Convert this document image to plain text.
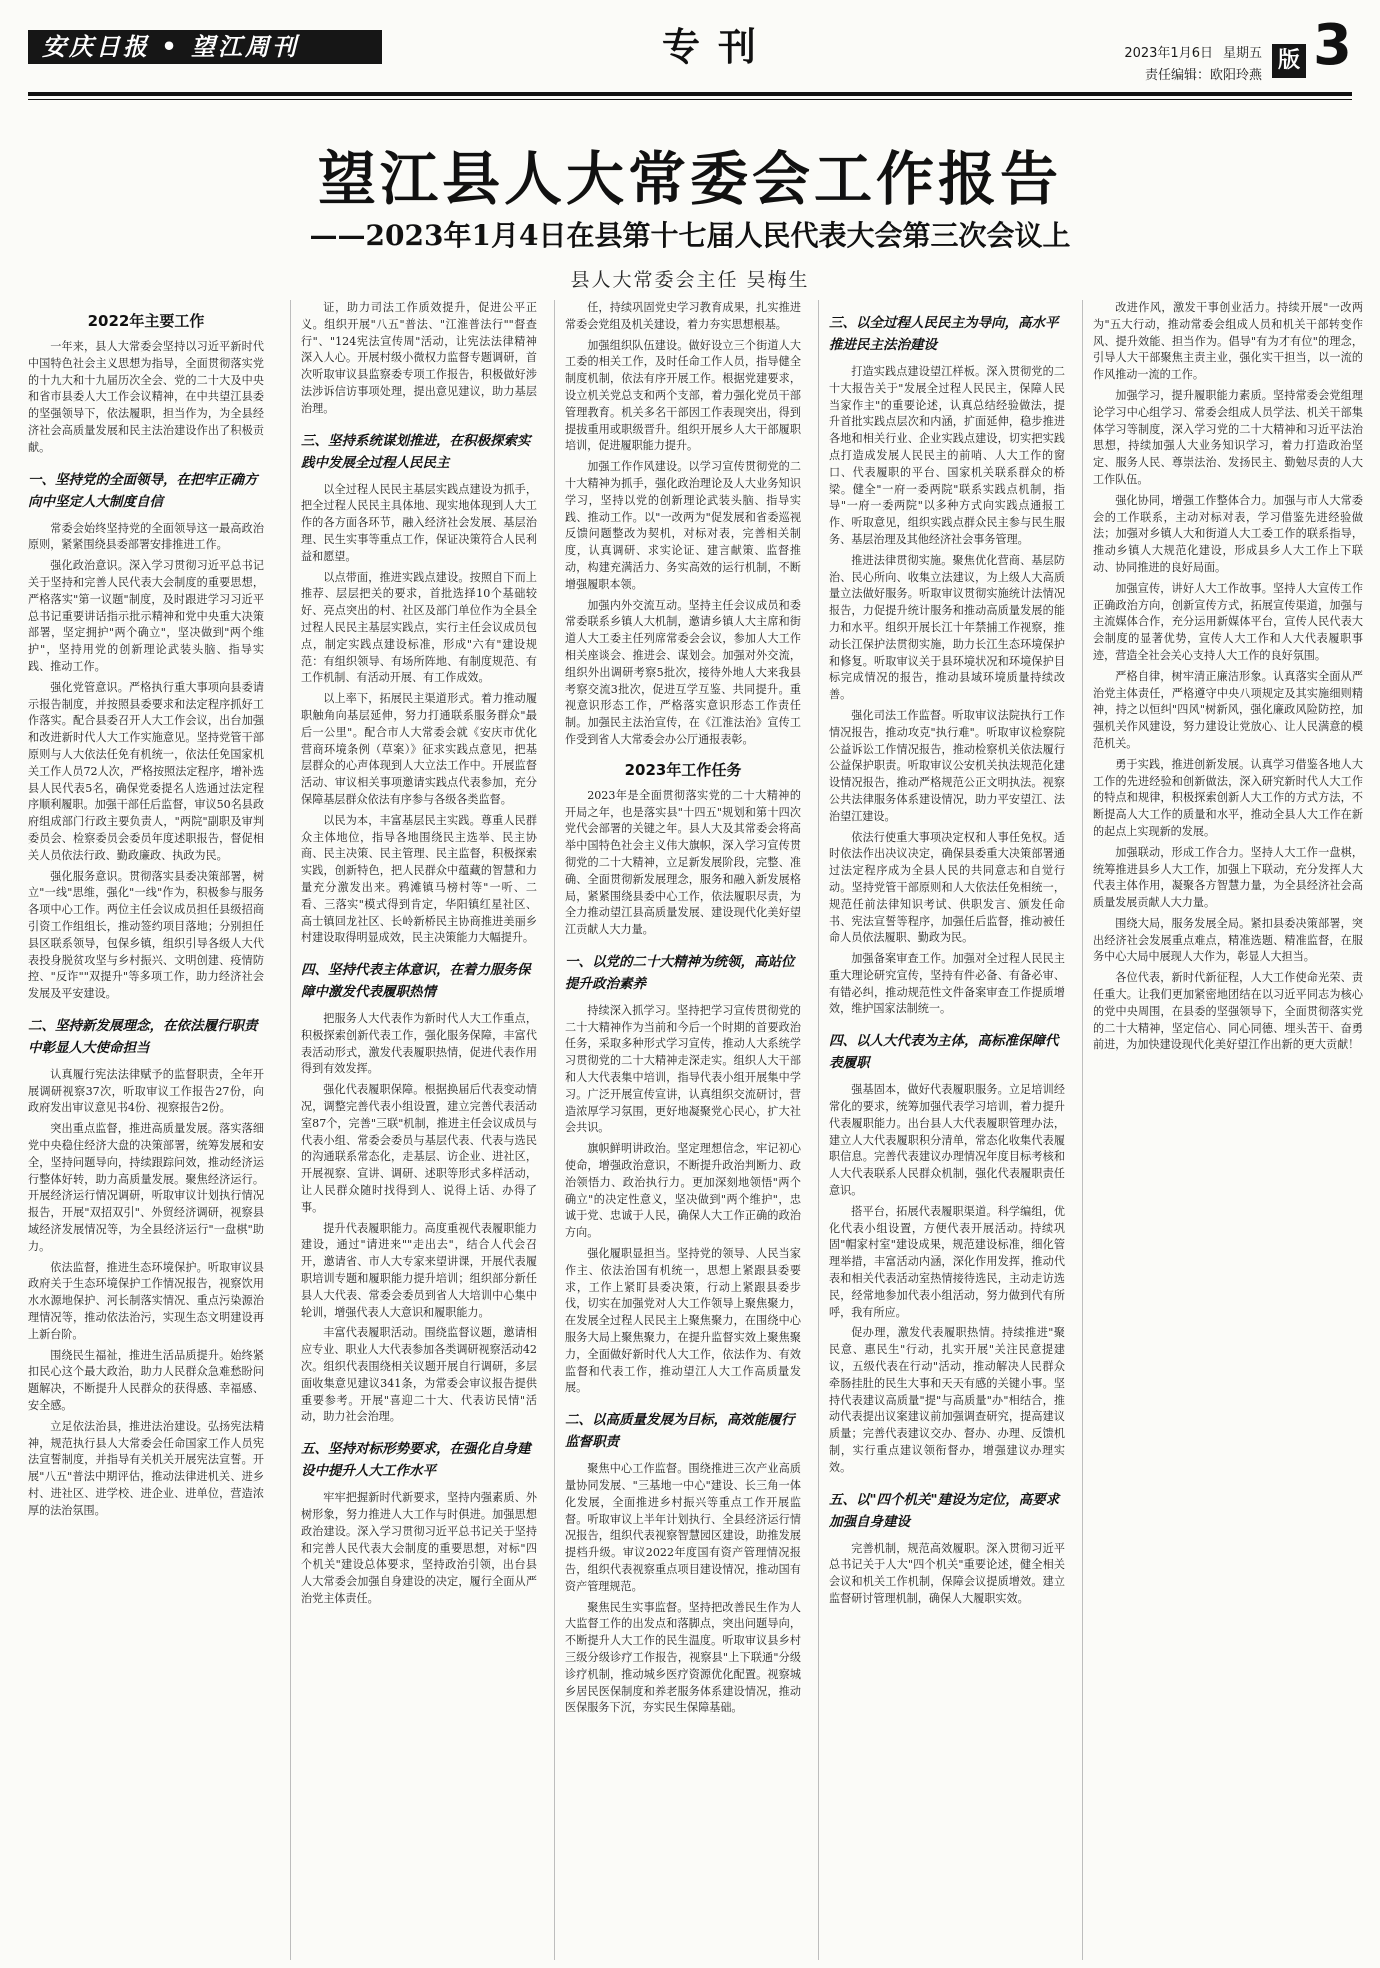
安庆日报 • 望江周刊	专刊	2023年1月6日 星期五
责任编辑：欧阳玲燕
版 3
望江县人大常委会工作报告
——2023年1月4日在县第十七届人民代表大会第三次会议上
县人大常委会主任 吴梅生
2022年主要工作

一年来，县人大常委会坚持以习近平新时代中国特色社会主义思想为指导，全面贯彻落实党的十九大和十九届历次全会、党的二十大及中央和省市县委人大工作会议精神，在中共望江县委的坚强领导下，依法履职，担当作为，为全县经济社会高质量发展和民主法治建设作出了积极贡献。

一、坚持党的全面领导，在把牢正确方向中坚定人大制度自信

常委会始终坚持党的全面领导这一最高政治原则，紧紧围绕县委部署安排推进工作。

强化政治意识。深入学习贯彻习近平总书记关于坚持和完善人民代表大会制度的重要思想，严格落实"第一议题"制度，及时跟进学习习近平总书记重要讲话指示批示精神和党中央重大决策部署，坚定拥护"两个确立"，坚决做到"两个维护"，坚持用党的创新理论武装头脑、指导实践、推动工作。

强化党管意识。严格执行重大事项向县委请示报告制度，并按照县委要求和法定程序抓好工作落实。配合县委召开人大工作会议，出台加强和改进新时代人大工作实施意见。坚持党管干部原则与人大依法任免有机统一，依法任免国家机关工作人员72人次，严格按照法定程序，增补选县人民代表5名，确保党委提名人选通过法定程序顺利履职。加强干部任后监督，审议50名县政府组成部门行政主要负责人，"两院"副职及审判委员会、检察委员会委员年度述职报告，督促相关人员依法行政、勤政廉政、执政为民。

强化服务意识。贯彻落实县委决策部署，树立"一线"思维，强化"一线"作为，积极参与服务各项中心工作。两位主任会议成员担任县级招商引资工作组组长，推动签约项目落地；分别担任县区联系领导，包保乡镇，组织引导各级人大代表投身脱贫攻坚与乡村振兴、文明创建、疫情防控、"反诈""双提升"等多项工作，助力经济社会发展及平安建设。

二、坚持新发展理念，在依法履行职责中彰显人大使命担当

认真履行宪法法律赋予的监督职责，全年开展调研视察37次，听取审议工作报告27份，向政府发出审议意见书4份、视察报告2份。

突出重点监督，推进高质量发展。落实落细党中央稳住经济大盘的决策部署，统筹发展和安全，坚持问题导向，持续跟踪问效，推动经济运行整体好转，助力高质量发展。聚焦经济运行。开展经济运行情况调研，听取审议计划执行情况报告，开展"双招双引"、外贸经济调研，视察县域经济发展情况等，为全县经济运行"一盘棋"助力。

依法监督，推进生态环境保护。听取审议县政府关于生态环境保护工作情况报告，视察饮用水水源地保护、河长制落实情况、重点污染源治理情况等，推动依法治污，实现生态文明建设再上新台阶。

围绕民生福祉，推进生活品质提升。始终紧扣民心这个最大政治，助力人民群众急难愁盼问题解决，不断提升人民群众的获得感、幸福感、安全感。

立足依法治县，推进法治建设。弘扬宪法精神，规范执行县人大常委会任命国家工作人员宪法宣誓制度，并指导有关机关开展宪法宣誓。开展"八五"普法中期评估，推动法律进机关、进乡村、进社区、进学校、进企业、进单位，营造浓厚的法治氛围。

证，助力司法工作质效提升，促进公平正义。组织开展"八五"普法、"江淮普法行""督查行"、"124宪法宣传周"活动，让宪法法律精神深入人心。开展村级小微权力监督专题调研，首次听取审议县监察委专项工作报告，积极做好涉法涉诉信访事项处理，提出意见建议，助力基层治理。

三、坚持系统谋划推进，在积极探索实践中发展全过程人民民主

以全过程人民民主基层实践点建设为抓手，把全过程人民民主具体地、现实地体现到人大工作的各方面各环节，融入经济社会发展、基层治理、民生实事等重点工作，保证决策符合人民利益和愿望。

以点带面，推进实践点建设。按照自下而上推荐、层层把关的要求，首批选择10个基础较好、亮点突出的村、社区及部门单位作为全县全过程人民民主基层实践点，实行主任会议成员包点，制定实践点建设标准，形成"六有"建设规范：有组织领导、有场所阵地、有制度规范、有工作机制、有活动开展、有工作成效。

以上率下，拓展民主渠道形式。着力推动履职触角向基层延伸，努力打通联系服务群众"最后一公里"。配合市人大常委会就《安庆市优化营商环境条例（草案）》征求实践点意见，把基层群众的心声体现到人大立法工作中。开展监督活动、审议相关事项邀请实践点代表参加，充分保障基层群众依法有序参与各级各类监督。

以民为本，丰富基层民主实践。尊重人民群众主体地位，指导各地围绕民主选举、民主协商、民主决策、民主管理、民主监督，积极探索实践，创新特色，把人民群众中蕴藏的智慧和力量充分激发出来。鸦滩镇马榜村等"一听、二看、三落实"模式得到肯定，华阳镇红星社区、高士镇回龙社区、长岭新桥民主协商推进美丽乡村建设取得明显成效，民主决策能力大幅提升。

四、坚持代表主体意识，在着力服务保障中激发代表履职热情

把服务人大代表作为新时代人大工作重点，积极探索创新代表工作，强化服务保障，丰富代表活动形式，激发代表履职热情，促进代表作用得到有效发挥。

强化代表履职保障。根据换届后代表变动情况，调整完善代表小组设置，建立完善代表活动室87个，完善"三联"机制，推进主任会议成员与代表小组、常委会委员与基层代表、代表与选民的沟通联系常态化，走基层、访企业、进社区，开展视察、宣讲、调研、述职等形式多样活动，让人民群众随时找得到人、说得上话、办得了事。

提升代表履职能力。高度重视代表履职能力建设，通过"请进来""走出去"，结合人代会召开，邀请省、市人大专家来望讲课，开展代表履职培训专题和履职能力提升培训；组织部分新任县人大代表、常委会委员到省人大培训中心集中轮训，增强代表人大意识和履职能力。

丰富代表履职活动。围绕监督议题，邀请相应专业、职业人大代表参加各类调研视察活动42次。组织代表围绕相关议题开展自行调研，多层面收集意见建议341条，为常委会审议报告提供重要参考。开展"喜迎二十大、代表访民情"活动，助力社会治理。

五、坚持对标形势要求，在强化自身建设中提升人大工作水平

牢牢把握新时代新要求，坚持内强素质、外树形象，努力推进人大工作与时俱进。加强思想政治建设。深入学习贯彻习近平总书记关于坚持和完善人民代表大会制度的重要思想，对标"四个机关"建设总体要求，坚持政治引领，出台县人大常委会加强自身建设的决定，履行全面从严治党主体责任。

任，持续巩固党史学习教育成果，扎实推进常委会党组及机关建设，着力夯实思想根基。

加强组织队伍建设。做好设立三个街道人大工委的相关工作，及时任命工作人员，指导健全制度机制，依法有序开展工作。根据党建要求，设立机关党总支和两个支部，着力强化党员干部管理教育。机关多名干部因工作表现突出，得到提拔重用或职级晋升。组织开展乡人大干部履职培训，促进履职能力提升。

加强工作作风建设。以学习宣传贯彻党的二十大精神为抓手，强化政治理论及人大业务知识学习，坚持以党的创新理论武装头脑、指导实践、推动工作。以"一改两为"促发展和省委巡视反馈问题整改为契机，对标对表，完善相关制度，认真调研、求实论证、建言献策、监督推动，构建充满活力、务实高效的运行机制，不断增强履职本领。

加强内外交流互动。坚持主任会议成员和委常委联系乡镇人大机制，邀请乡镇人大主席和街道人大工委主任列席常委会会议，参加人大工作相关座谈会、推进会、谋划会。加强对外交流，组织外出调研考察5批次，接待外地人大来我县考察交流3批次，促进互学互鉴、共同提升。重视意识形态工作，严格落实意识形态工作责任制。加强民主法治宣传，在《江淮法治》宣传工作受到省人大常委会办公厅通报表彰。

2023年工作任务

2023年是全面贯彻落实党的二十大精神的开局之年，也是落实县"十四五"规划和第十四次党代会部署的关键之年。县人大及其常委会将高举中国特色社会主义伟大旗帜，深入学习宣传贯彻党的二十大精神，立足新发展阶段，完整、准确、全面贯彻新发展理念，服务和融入新发展格局，紧紧围绕县委中心工作，依法履职尽责，为全力推动望江县高质量发展、建设现代化美好望江贡献人大力量。

一、以党的二十大精神为统领，高站位提升政治素养

持续深入抓学习。坚持把学习宣传贯彻党的二十大精神作为当前和今后一个时期的首要政治任务，采取多种形式学习宣传，推动人大系统学习贯彻党的二十大精神走深走实。组织人大干部和人大代表集中培训，指导代表小组开展集中学习。广泛开展宣传宣讲，认真组织交流研讨，营造浓厚学习氛围，更好地凝聚党心民心，扩大社会共识。

旗帜鲜明讲政治。坚定理想信念，牢记初心使命，增强政治意识，不断提升政治判断力、政治领悟力、政治执行力。更加深刻地领悟"两个确立"的决定性意义，坚决做到"两个维护"，忠诚于党、忠诚于人民，确保人大工作正确的政治方向。

强化履职显担当。坚持党的领导、人民当家作主、依法治国有机统一，思想上紧跟县委要求，工作上紧盯县委决策，行动上紧跟县委步伐，切实在加强党对人大工作领导上聚焦聚力，在发展全过程人民民主上聚焦聚力，在围绕中心服务大局上聚焦聚力，在提升监督实效上聚焦聚力，全面做好新时代人大工作，依法作为、有效监督和代表工作，推动望江人大工作高质量发展。

二、以高质量发展为目标，高效能履行监督职责

聚焦中心工作监督。围绕推进三次产业高质量协同发展、"三基地一中心"建设、长三角一体化发展，全面推进乡村振兴等重点工作开展监督。听取审议上半年计划执行、全县经济运行情况报告，组织代表视察智慧园区建设，助推发展提档升级。审议2022年度国有资产管理情况报告，组织代表视察重点项目建设情况，推动国有资产管理规范。

聚焦民生实事监督。坚持把改善民生作为人大监督工作的出发点和落脚点，突出问题导向，不断提升人大工作的民生温度。听取审议县乡村三级分级诊疗工作报告，视察县"上下联通"分级诊疗机制，推动城乡医疗资源优化配置。视察城乡居民医保制度和养老服务体系建设情况，推动医保服务下沉，夯实民生保障基础。

三、以全过程人民民主为导向，高水平推进民主法治建设

打造实践点建设望江样板。深入贯彻党的二十大报告关于"发展全过程人民民主，保障人民当家作主"的重要论述，认真总结经验做法，提升首批实践点层次和内涵，扩面延伸，稳步推进各地和相关行业、企业实践点建设，切实把实践点打造成发展人民民主的前哨、人大工作的窗口、代表履职的平台、国家机关联系群众的桥梁。健全"一府一委两院"联系实践点机制，指导"一府一委两院"以多种方式向实践点通报工作、听取意见，组织实践点群众民主参与民生服务、基层治理及其他经济社会事务管理。

推进法律贯彻实施。聚焦优化营商、基层防治、民心所向、收集立法建议，为上级人大高质量立法做好服务。听取审议贯彻实施统计法情况报告，力促提升统计服务和推动高质量发展的能力和水平。组织开展长江十年禁捕工作视察，推动长江保护法贯彻实施，助力长江生态环境保护和修复。听取审议关于县环境状况和环境保护目标完成情况的报告，推动县域环境质量持续改善。

强化司法工作监督。听取审议法院执行工作情况报告，推动攻克"执行难"。听取审议检察院公益诉讼工作情况报告，推动检察机关依法履行公益保护职责。听取审议公安机关执法规范化建设情况报告，推动严格规范公正文明执法。视察公共法律服务体系建设情况，助力平安望江、法治望江建设。

依法行使重大事项决定权和人事任免权。适时依法作出决议决定，确保县委重大决策部署通过法定程序成为全县人民的共同意志和自觉行动。坚持党管干部原则和人大依法任免相统一，规范任前法律知识考试、供职发言、颁发任命书、宪法宣誓等程序，加强任后监督，推动被任命人员依法履职、勤政为民。

加强备案审查工作。加强对全过程人民民主重大理论研究宣传，坚持有件必备、有备必审、有错必纠，推动规范性文件备案审查工作提质增效，维护国家法制统一。

四、以人大代表为主体，高标准保障代表履职

强基固本，做好代表履职服务。立足培训经常化的要求，统筹加强代表学习培训，着力提升代表履职能力。出台县人大代表履职管理办法，建立人大代表履职积分清单，常态化收集代表履职信息。完善代表建议办理情况年度目标考核和人大代表联系人民群众机制，强化代表履职责任意识。

搭平台，拓展代表履职渠道。科学编组，优化代表小组设置，方便代表开展活动。持续巩固"帽家村室"建设成果，规范建设标准，细化管理举措，丰富活动内涵，深化作用发挥，推动代表和相关代表活动室热情接待选民，主动走访选民，经常地参加代表小组活动，努力做到代有所呼，我有所应。

促办理，激发代表履职热情。持续推进"聚民意、惠民生"行动，扎实开展"关注民意提建议，五级代表在行动"活动，推动解决人民群众牵肠挂肚的民生大事和天天有感的关键小事。坚持代表建议高质量"提"与高质量"办"相结合，推动代表提出议案建议前加强调查研究，提高建议质量；完善代表建议交办、督办、办理、反馈机制，实行重点建议领衔督办，增强建议办理实效。

五、以"四个机关"建设为定位，高要求加强自身建设

完善机制，规范高效履职。深入贯彻习近平总书记关于人大"四个机关"重要论述，健全相关会议和机关工作机制，保障会议提质增效。建立监督研讨管理机制，确保人大履职实效。

改进作风，激发干事创业活力。持续开展"一改两为"五大行动，推动常委会组成人员和机关干部转变作风、提升效能、担当作为。倡导"有为才有位"的理念，引导人大干部聚焦主责主业，强化实干担当，以一流的作风推动一流的工作。

加强学习，提升履职能力素质。坚持常委会党组理论学习中心组学习、常委会组成人员学法、机关干部集体学习等制度，深入学习党的二十大精神和习近平法治思想，持续加强人大业务知识学习，着力打造政治坚定、服务人民、尊崇法治、发扬民主、勤勉尽责的人大工作队伍。

强化协同，增强工作整体合力。加强与市人大常委会的工作联系，主动对标对表，学习借鉴先进经验做法；加强对乡镇人大和街道人大工委工作的联系指导，推动乡镇人大规范化建设，形成县乡人大工作上下联动、协同推进的良好局面。

加强宣传，讲好人大工作故事。坚持人大宣传工作正确政治方向，创新宣传方式，拓展宣传渠道，加强与主流媒体合作，充分运用新媒体平台，宣传人民代表大会制度的显著优势，宣传人大工作和人大代表履职事迹，营造全社会关心支持人大工作的良好氛围。

严格自律，树牢清正廉洁形象。认真落实全面从严治党主体责任，严格遵守中央八项规定及其实施细则精神，持之以恒纠"四风"树新风，强化廉政风险防控，加强机关作风建设，努力建设让党放心、让人民满意的模范机关。

勇于实践，推进创新发展。认真学习借鉴各地人大工作的先进经验和创新做法，深入研究新时代人大工作的特点和规律，积极探索创新人大工作的方式方法，不断提高人大工作的质量和水平，推动全县人大工作在新的起点上实现新的发展。

加强联动，形成工作合力。坚持人大工作一盘棋，统筹推进县乡人大工作，加强上下联动，充分发挥人大代表主体作用，凝聚各方智慧力量，为全县经济社会高质量发展贡献人大力量。

围绕大局，服务发展全局。紧扣县委决策部署，突出经济社会发展重点难点，精准选题、精准监督，在服务中心大局中展现人大作为，彰显人大担当。

各位代表，新时代新征程，人大工作使命光荣、责任重大。让我们更加紧密地团结在以习近平同志为核心的党中央周围，在县委的坚强领导下，全面贯彻落实党的二十大精神，坚定信心、同心同德、埋头苦干、奋勇前进，为加快建设现代化美好望江作出新的更大贡献！
